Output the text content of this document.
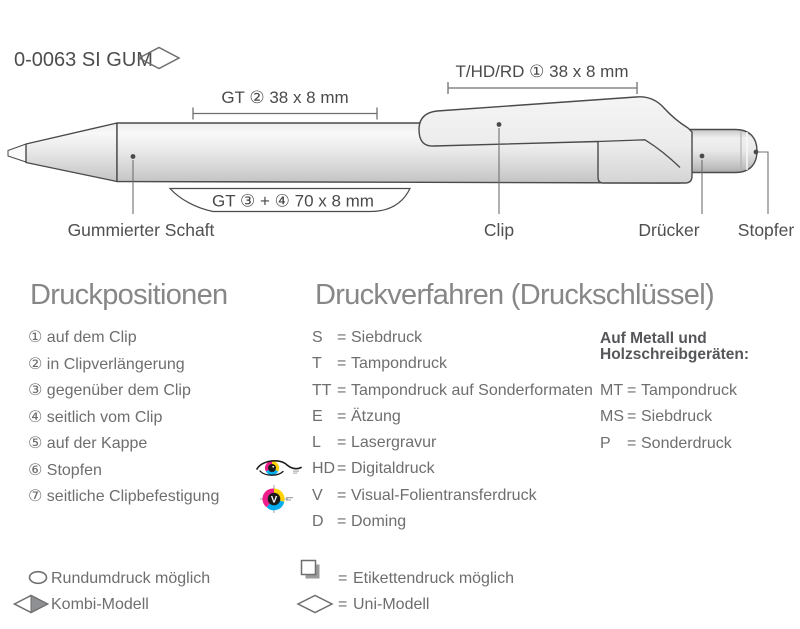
0-0063 SI GUM
T/HD/RD ① 38 x 8 mm
GT ② 38 x 8 mm
GT ③ + ④ 70 x 8 mm
Gummierter Schaft	Clip	Drücker Stopfer
Druckpositionen	Druckverfahren (Druckschlüssel)
① auf dem Clip
② in Clipverlängerung
③ gegenüber dem Clip
④ seitlich vom Clip
⑤ auf der Kappe
⑥ Stopfen
⑦ seitliche Clipbefestigung
S = Siebdruck
T = Tampondruck
TT = Tampondruck auf Sonderformaten
E = Ätzung
L	= Lasergravur
HD = Digitaldruck
V = Visual-Folientransferdruck
D = Doming
V
Auf Metall und
Holzschreibgeräten:
MT = Tampondruck
MS = Siebdruck
P	= Sonderdruck
Rundumdruck möglich
Kombi-Modell
= Etikettendruck möglich
= Uni-Modell
